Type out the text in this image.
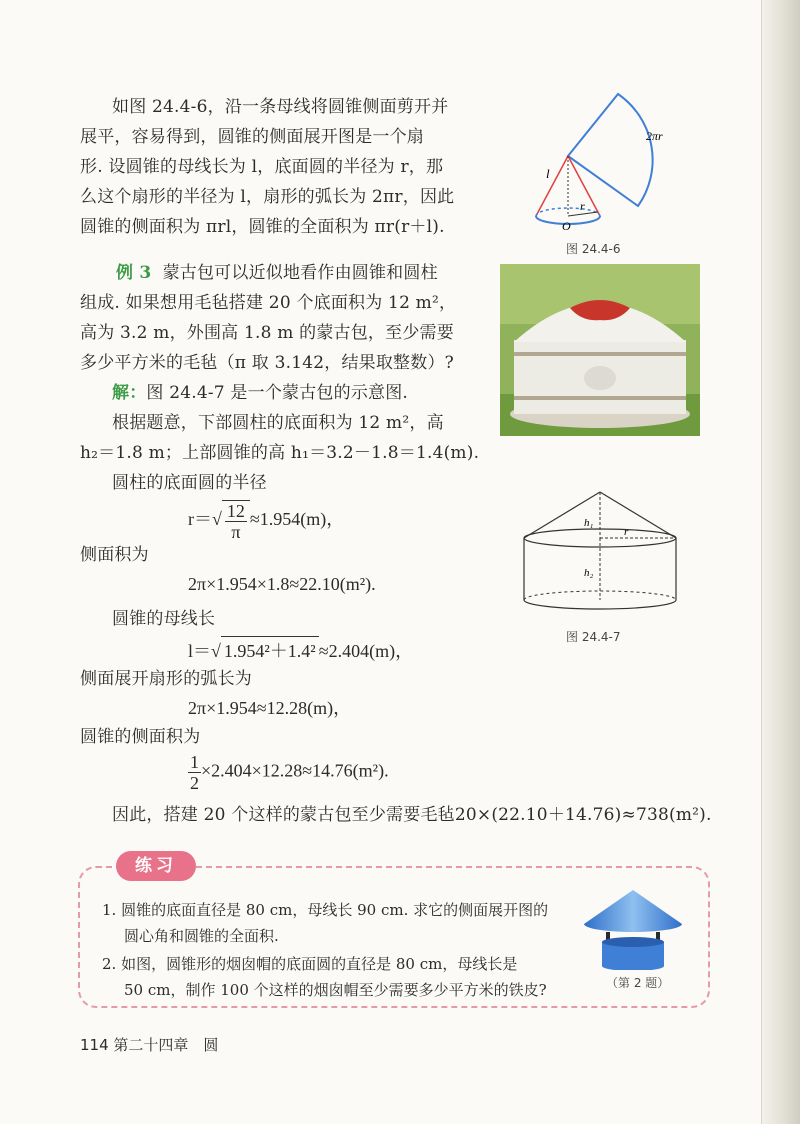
如图 24.4-6，沿一条母线将圆锥侧面剪开并
展平，容易得到，圆锥的侧面展开图是一个扇
形. 设圆锥的母线长为 l，底面圆的半径为 r，那
么这个扇形的半径为 l，扇形的弧长为 2πr，因此
圆锥的侧面积为 πrl，圆锥的全面积为 πr(r＋l).
2πr
l
r
O
图 24.4-6
例 3 蒙古包可以近似地看作由圆锥和圆柱
组成. 如果想用毛毡搭建 20 个底面积为 12 m²，
高为 3.2 m，外围高 1.8 m 的蒙古包，至少需要
多少平方米的毛毡（π 取 3.142，结果取整数）?
解：图 24.4-7 是一个蒙古包的示意图.
根据题意，下部圆柱的底面积为 12 m²，高
h₂＝1.8 m；上部圆锥的高 h₁＝3.2－1.8＝1.4(m).
圆柱的底面圆的半径
$r=√ \frac{12}{\pi} \approx 1.954(m)$，
侧面积为
2π×1.954×1.8≈22.10(m²).
圆锥的母线长
l＝√ 1.954²＋1.4² ≈2.404(m)，
侧面展开扇形的弧长为
2π×1.954≈12.28(m)，
圆锥的侧面积为
$\frac{1}{2} \times 2.404\times 12.28\approx 14.76(m^2)$.
因此，搭建 20 个这样的蒙古包至少需要毛毡20×(22.10＋14.76)≈738(m²).
h₁
r
h₂
图 24.4-7
练习
1. 圆锥的底面直径是 80 cm，母线长 90 cm. 求它的侧面展开图的
圆心角和圆锥的全面积.
2. 如图，圆锥形的烟囱帽的底面圆的直径是 80 cm，母线长是
50 cm，制作 100 个这样的烟囱帽至少需要多少平方米的铁皮?	（第 2 题）
114 第二十四章　圆
